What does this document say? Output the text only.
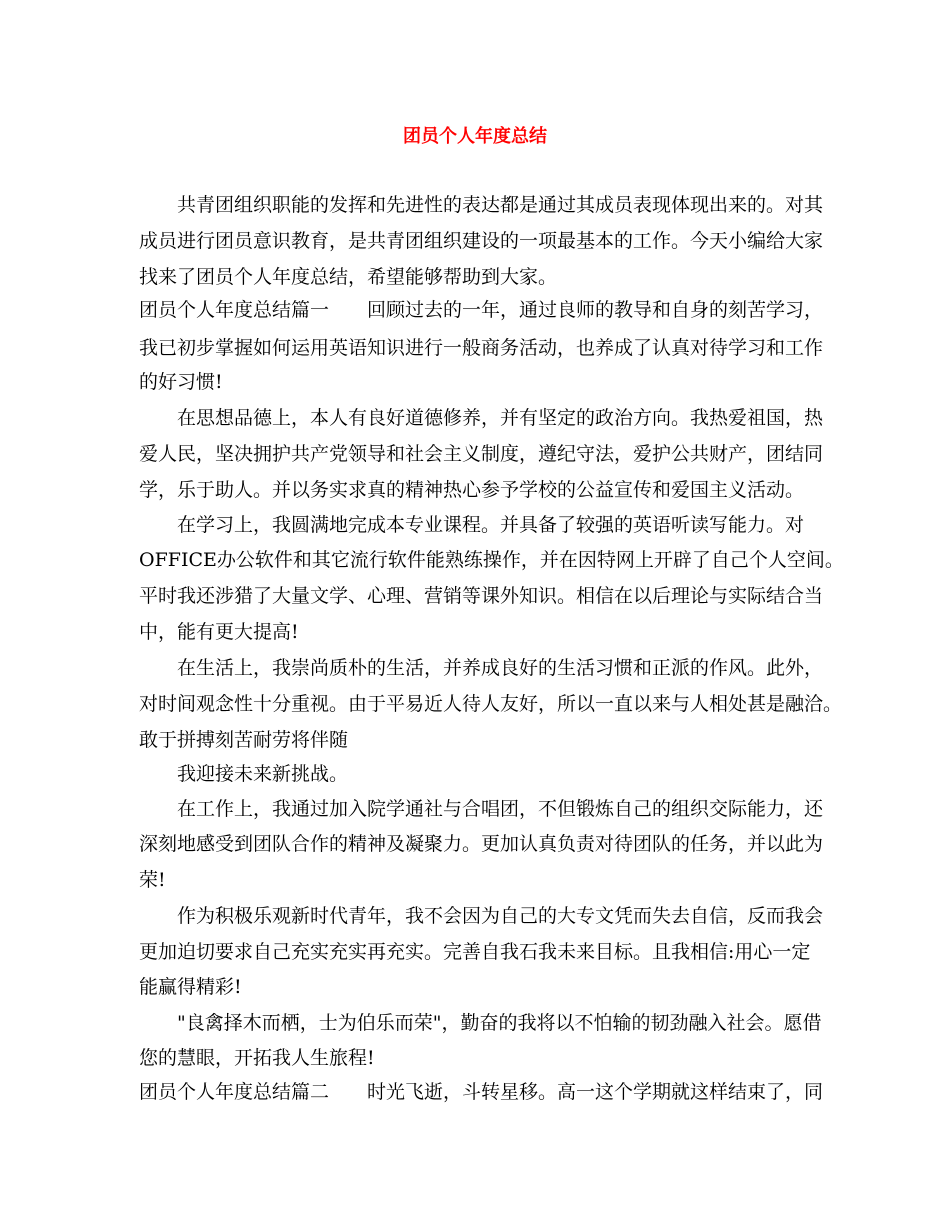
团员个人年度总结
共青团组织职能的发挥和先进性的表达都是通过其成员表现体现出来的。对其
成员进行团员意识教育，是共青团组织建设的一项最基本的工作。今天小编给大家
找来了团员个人年度总结，希望能够帮助到大家。
团员个人年度总结篇一 回顾过去的一年，通过良师的教导和自身的刻苦学习，
我已初步掌握如何运用英语知识进行一般商务活动，也养成了认真对待学习和工作
的好习惯!
在思想品德上，本人有良好道德修养，并有坚定的政治方向。我热爱祖国，热
爱人民，坚决拥护共产党领导和社会主义制度，遵纪守法，爱护公共财产，团结同
学，乐于助人。并以务实求真的精神热心参予学校的公益宣传和爱国主义活动。
在学习上，我圆满地完成本专业课程。并具备了较强的英语听读写能力。对
OFFICE办公软件和其它流行软件能熟练操作，并在因特网上开辟了自己个人空间。
平时我还涉猎了大量文学、心理、营销等课外知识。相信在以后理论与实际结合当
中，能有更大提高!
在生活上，我崇尚质朴的生活，并养成良好的生活习惯和正派的作风。此外，
对时间观念性十分重视。由于平易近人待人友好，所以一直以来与人相处甚是融洽。
敢于拼搏刻苦耐劳将伴随
我迎接未来新挑战。
在工作上，我通过加入院学通社与合唱团，不但锻炼自己的组织交际能力，还
深刻地感受到团队合作的精神及凝聚力。更加认真负责对待团队的任务，并以此为
荣!
作为积极乐观新时代青年，我不会因为自己的大专文凭而失去自信，反而我会
更加迫切要求自己充实充实再充实。完善自我石我未来目标。且我相信:用心一定
能赢得精彩!
"良禽择木而栖，士为伯乐而荣"，勤奋的我将以不怕输的韧劲融入社会。愿借
您的慧眼，开拓我人生旅程!
团员个人年度总结篇二 时光飞逝，斗转星移。高一这个学期就这样结束了，同
